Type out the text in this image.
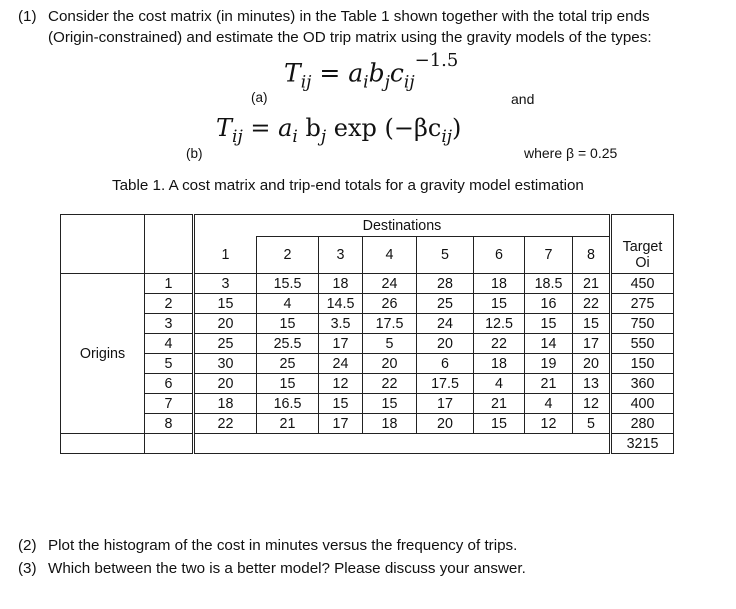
(1) Consider the cost matrix (in minutes) in the Table 1 shown together with the total trip ends
(Origin-constrained) and estimate the OD trip matrix using the gravity models of the types:
(a)
$T_{ij} = a_ib_jc_{ij}^{-1.5}$
and
(b)
$T_{ij} = a_i$ $b_j$ $\exp (-\beta c_{ij})$
where β = 0.25
Table 1. A cost matrix and trip-end totals for a gravity model estimation
		Destinations								
		1	2	3	4	5	6	7	8	Target
Oi

Origins	1	3	15.5	18	24	28	18	18.5	21	450
	2	15	4	14.5	26	25	15	16	22	275
	3	20	15	3.5	17.5	24	12.5	15	15	750
	4	25	25.5	17	5	20	22	14	17	550
	5	30	25	24	20	6	18	19	20	150
	6	20	15	12	22	17.5	4	21	13	360
	7	18	16.5	15	15	17	21	4	12	400
	8	22	21	17	18	20	15	12	5	280
										3215
(2) Plot the histogram of the cost in minutes versus the frequency of trips.
(3) Which between the two is a better model? Please discuss your answer.
